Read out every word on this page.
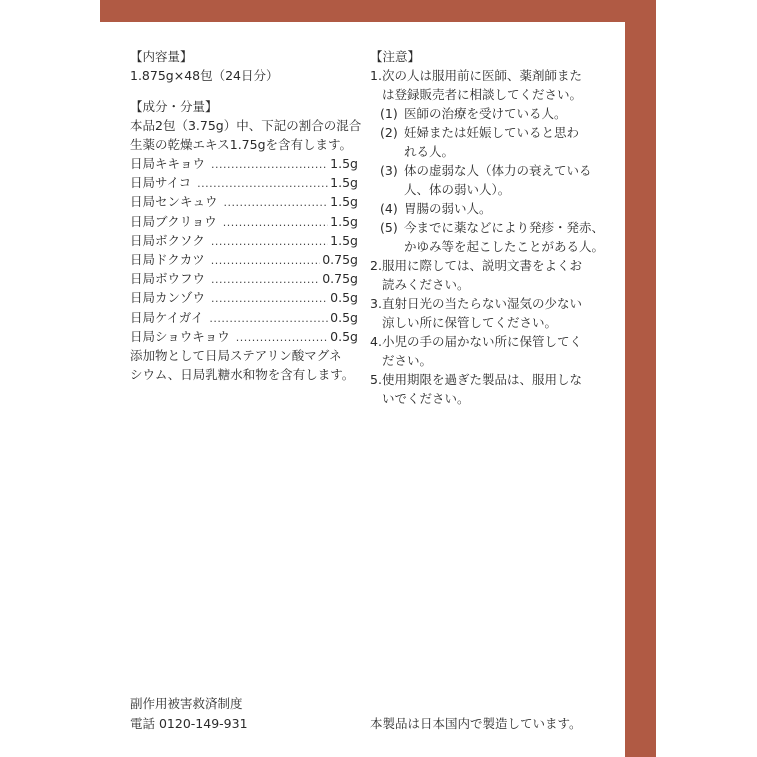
【内容量】
1.875g×48包（24日分）
【成分・分量】
本品2包（3.75g）中、下記の割合の混合
生薬の乾燥エキス1.75gを含有します。
日局キキョウ .....	1.5g
日局サイコ .....	1.5g
日局センキュウ .....	1.5g
日局ブクリョウ .....	1.5g
日局ボクソク .....	1.5g
日局ドクカツ .....	0.75g
日局ボウフウ .....	0.75g
日局カンゾウ .....	0.5g
日局ケイガイ .....	0.5g
日局ショウキョウ .....	0.5g
添加物として日局ステアリン酸マグネ
シウム、日局乳糖水和物を含有します。
【注意】
1. 次の人は服用前に医師、薬剤師また
は登録販売者に相談してください。
(1) 医師の治療を受けている人。
(2) 妊婦または妊娠していると思わ
れる人。
(3) 体の虚弱な人（体力の衰えている
人、体の弱い人）。
(4) 胃腸の弱い人。
(5) 今までに薬などにより発疹・発赤、
かゆみ等を起こしたことがある人。
2. 服用に際しては、説明文書をよくお
読みください。
3. 直射日光の当たらない湿気の少ない
涼しい所に保管してください。
4. 小児の手の届かない所に保管してく
ださい。
5. 使用期限を過ぎた製品は、服用しな
いでください。
副作用被害救済制度
電話 0120-149-931	本製品は日本国内で製造しています。
